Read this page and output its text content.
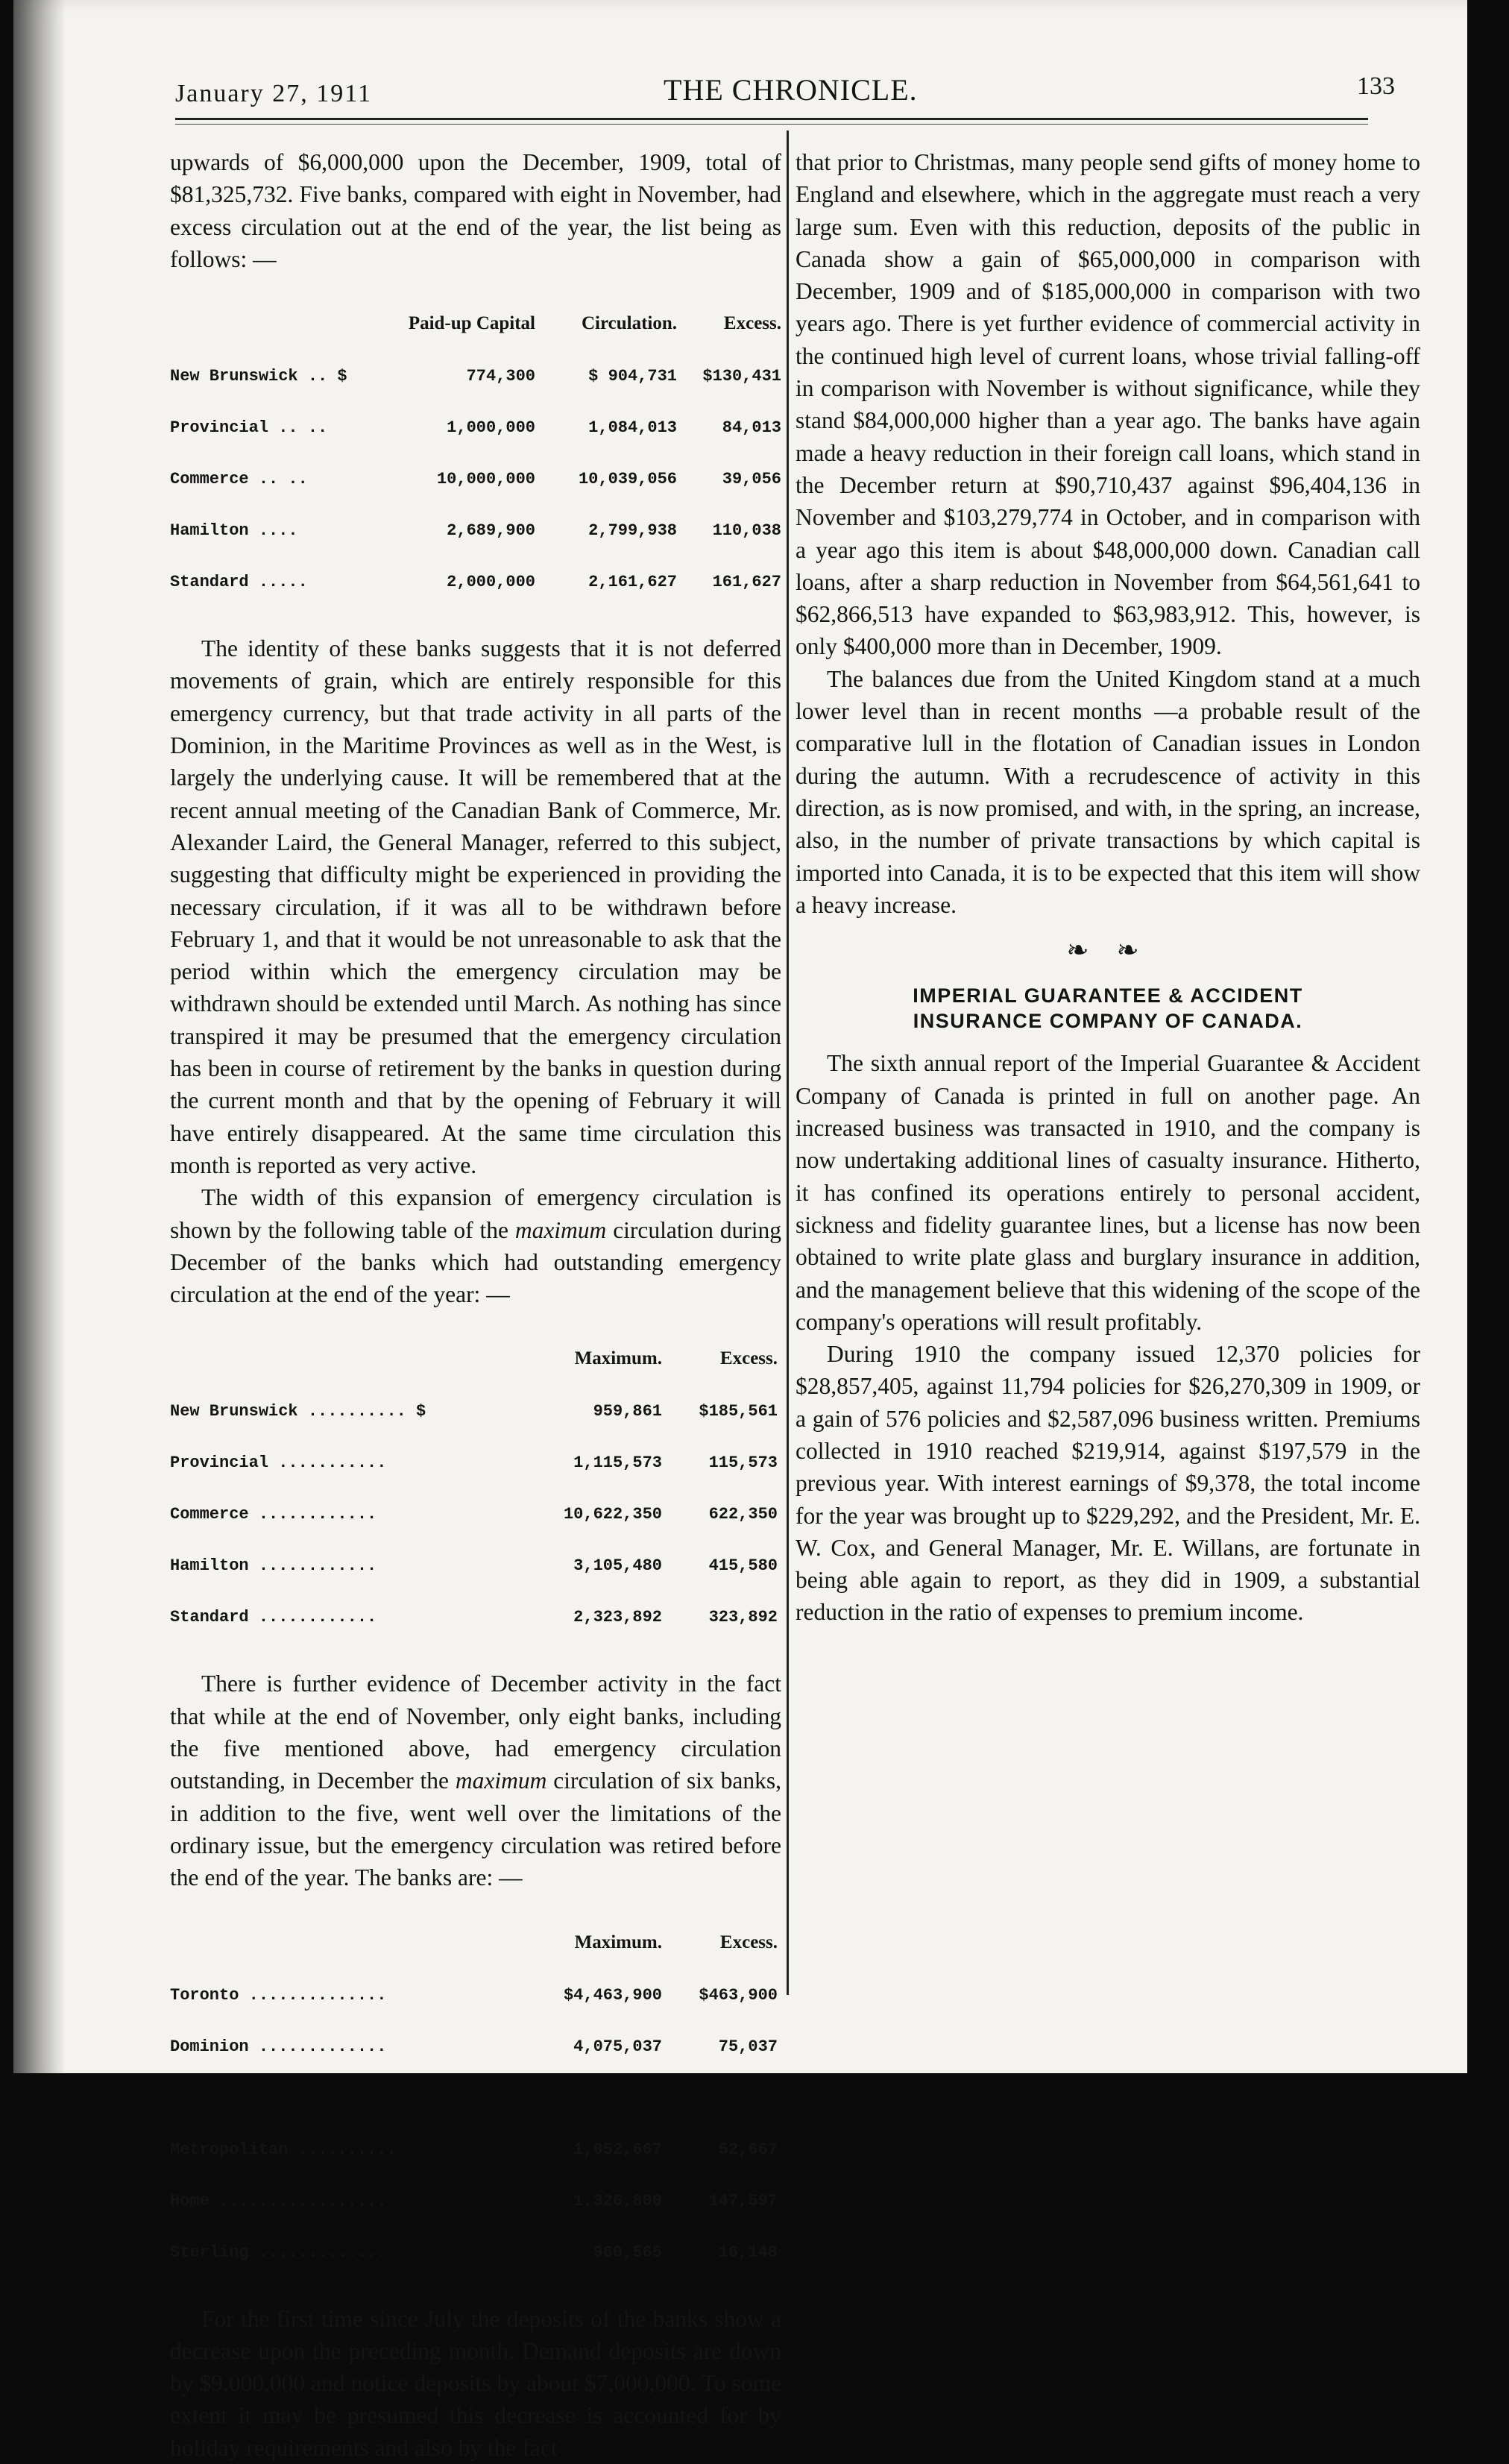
January 27, 1911	THE CHRONICLE.	133

upwards of $6,000,000 upon the December, 1909, total of $81,325,732. Five banks, compared with eight in November, had excess circulation out at the end of the year, the list being as follows: —

Paid-up Capital	Circulation.	Excess.

New Brunswick .. $	774,300	$ 904,731	$130,431

Provincial .. ..	1,000,000	1,084,013	84,013

Commerce .. ..	10,000,000	10,039,056	39,056

Hamilton ....	2,689,900	2,799,938	110,038

Standard .....	2,000,000	2,161,627	161,627

The identity of these banks suggests that it is not deferred movements of grain, which are entirely responsible for this emergency currency, but that trade activity in all parts of the Dominion, in the Maritime Provinces as well as in the West, is largely the underlying cause. It will be remembered that at the recent annual meeting of the Canadian Bank of Commerce, Mr. Alexander Laird, the General Manager, referred to this subject, suggesting that difficulty might be experienced in providing the necessary circulation, if it was all to be withdrawn before February 1, and that it would be not unreasonable to ask that the period within which the emergency circulation may be withdrawn should be extended until March. As nothing has since transpired it may be presumed that the emergency circulation has been in course of retirement by the banks in question during the current month and that by the opening of February it will have entirely disappeared. At the same time circulation this month is reported as very active.

The width of this expansion of emergency circulation is shown by the following table of the maximum circulation during December of the banks which had outstanding emergency circulation at the end of the year: —

Maximum.	Excess.

New Brunswick .......... $	959,861	$185,561

Provincial ...........	1,115,573	115,573

Commerce ............	10,622,350	622,350

Hamilton ............	3,105,480	415,580

Standard ............	2,323,892	323,892

There is further evidence of December activity in the fact that while at the end of November, only eight banks, including the five mentioned above, had emergency circulation outstanding, in December the maximum circulation of six banks, in addition to the five, went well over the limitations of the ordinary issue, but the emergency circulation was retired before the end of the year. The banks are: —

Maximum.	Excess.

Toronto ..............	$4,463,900	$463,900

Dominion .............	4,075,037	75,037

Metropolitan ..........	1,052,667	52,667

Home .................	1,326,800	147,597

Sterling .............	960,565	16,148

For the first time since July the deposits of the banks show a decrease upon the preceding month. Demand deposits are down by $9,000,000 and notice deposits by about $7,000,000. To some extent it may be presumed this decrease is accounted for by holiday requirements and also by the fact

that prior to Christmas, many people send gifts of money home to England and elsewhere, which in the aggregate must reach a very large sum. Even with this reduction, deposits of the public in Canada show a gain of $65,000,000 in comparison with December, 1909 and of $185,000,000 in comparison with two years ago. There is yet further evidence of commercial activity in the continued high level of current loans, whose trivial falling-off in comparison with November is without significance, while they stand $84,000,000 higher than a year ago. The banks have again made a heavy reduction in their foreign call loans, which stand in the December return at $90,710,437 against $96,404,136 in November and $103,279,774 in October, and in comparison with a year ago this item is about $48,000,000 down. Canadian call loans, after a sharp reduction in November from $64,561,641 to $62,866,513 have expanded to $63,983,912. This, however, is only $400,000 more than in December, 1909.

The balances due from the United Kingdom stand at a much lower level than in recent months —a probable result of the comparative lull in the flotation of Canadian issues in London during the autumn. With a recrudescence of activity in this direction, as is now promised, and with, in the spring, an increase, also, in the number of private transactions by which capital is imported into Canada, it is to be expected that this item will show a heavy increase.

❧ ❧
IMPERIAL GUARANTEE & ACCIDENT
INSURANCE COMPANY OF CANADA.

The sixth annual report of the Imperial Guarantee & Accident Company of Canada is printed in full on another page. An increased business was transacted in 1910, and the company is now undertaking additional lines of casualty insurance. Hitherto, it has confined its operations entirely to personal accident, sickness and fidelity guarantee lines, but a license has now been obtained to write plate glass and burglary insurance in addition, and the management believe that this widening of the scope of the company's operations will result profitably.

During 1910 the company issued 12,370 policies for $28,857,405, against 11,794 policies for $26,270,309 in 1909, or a gain of 576 policies and $2,587,096 business written. Premiums collected in 1910 reached $219,914, against $197,579 in the previous year. With interest earnings of $9,378, the total income for the year was brought up to $229,292, and the President, Mr. E. W. Cox, and General Manager, Mr. E. Willans, are fortunate in being able again to report, as they did in 1909, a substantial reduction in the ratio of expenses to premium income.
